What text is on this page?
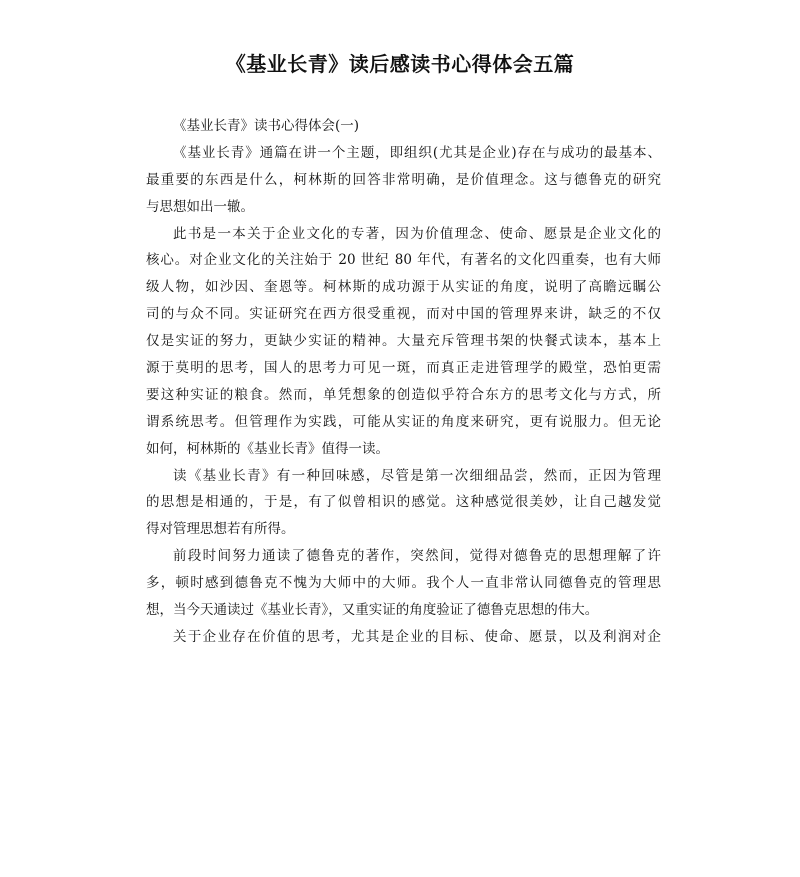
《基业长青》读后感读书心得体会五篇
《基业长青》读书心得体会(一)
《基业长青》通篇在讲一个主题，即组织(尤其是企业)存在与成功的最基本、
最重要的东西是什么，柯林斯的回答非常明确，是价值理念。这与德鲁克的研究
与思想如出一辙。
此书是一本关于企业文化的专著，因为价值理念、使命、愿景是企业文化的
核心。对企业文化的关注始于 20 世纪 80 年代，有著名的文化四重奏，也有大师
级人物，如沙因、奎恩等。柯林斯的成功源于从实证的角度，说明了高瞻远瞩公
司的与众不同。实证研究在西方很受重视，而对中国的管理界来讲，缺乏的不仅
仅是实证的努力，更缺少实证的精神。大量充斥管理书架的快餐式读本，基本上
源于莫明的思考，国人的思考力可见一斑，而真正走进管理学的殿堂，恐怕更需
要这种实证的粮食。然而，单凭想象的创造似乎符合东方的思考文化与方式，所
谓系统思考。但管理作为实践，可能从实证的角度来研究，更有说服力。但无论
如何，柯林斯的《基业长青》值得一读。
读《基业长青》有一种回味感，尽管是第一次细细品尝，然而，正因为管理
的思想是相通的，于是，有了似曾相识的感觉。这种感觉很美妙，让自己越发觉
得对管理思想若有所得。
前段时间努力通读了德鲁克的著作，突然间，觉得对德鲁克的思想理解了许
多，顿时感到德鲁克不愧为大师中的大师。我个人一直非常认同德鲁克的管理思
想，当今天通读过《基业长青》，又重实证的角度验证了德鲁克思想的伟大。
关于企业存在价值的思考，尤其是企业的目标、使命、愿景，以及利润对企
